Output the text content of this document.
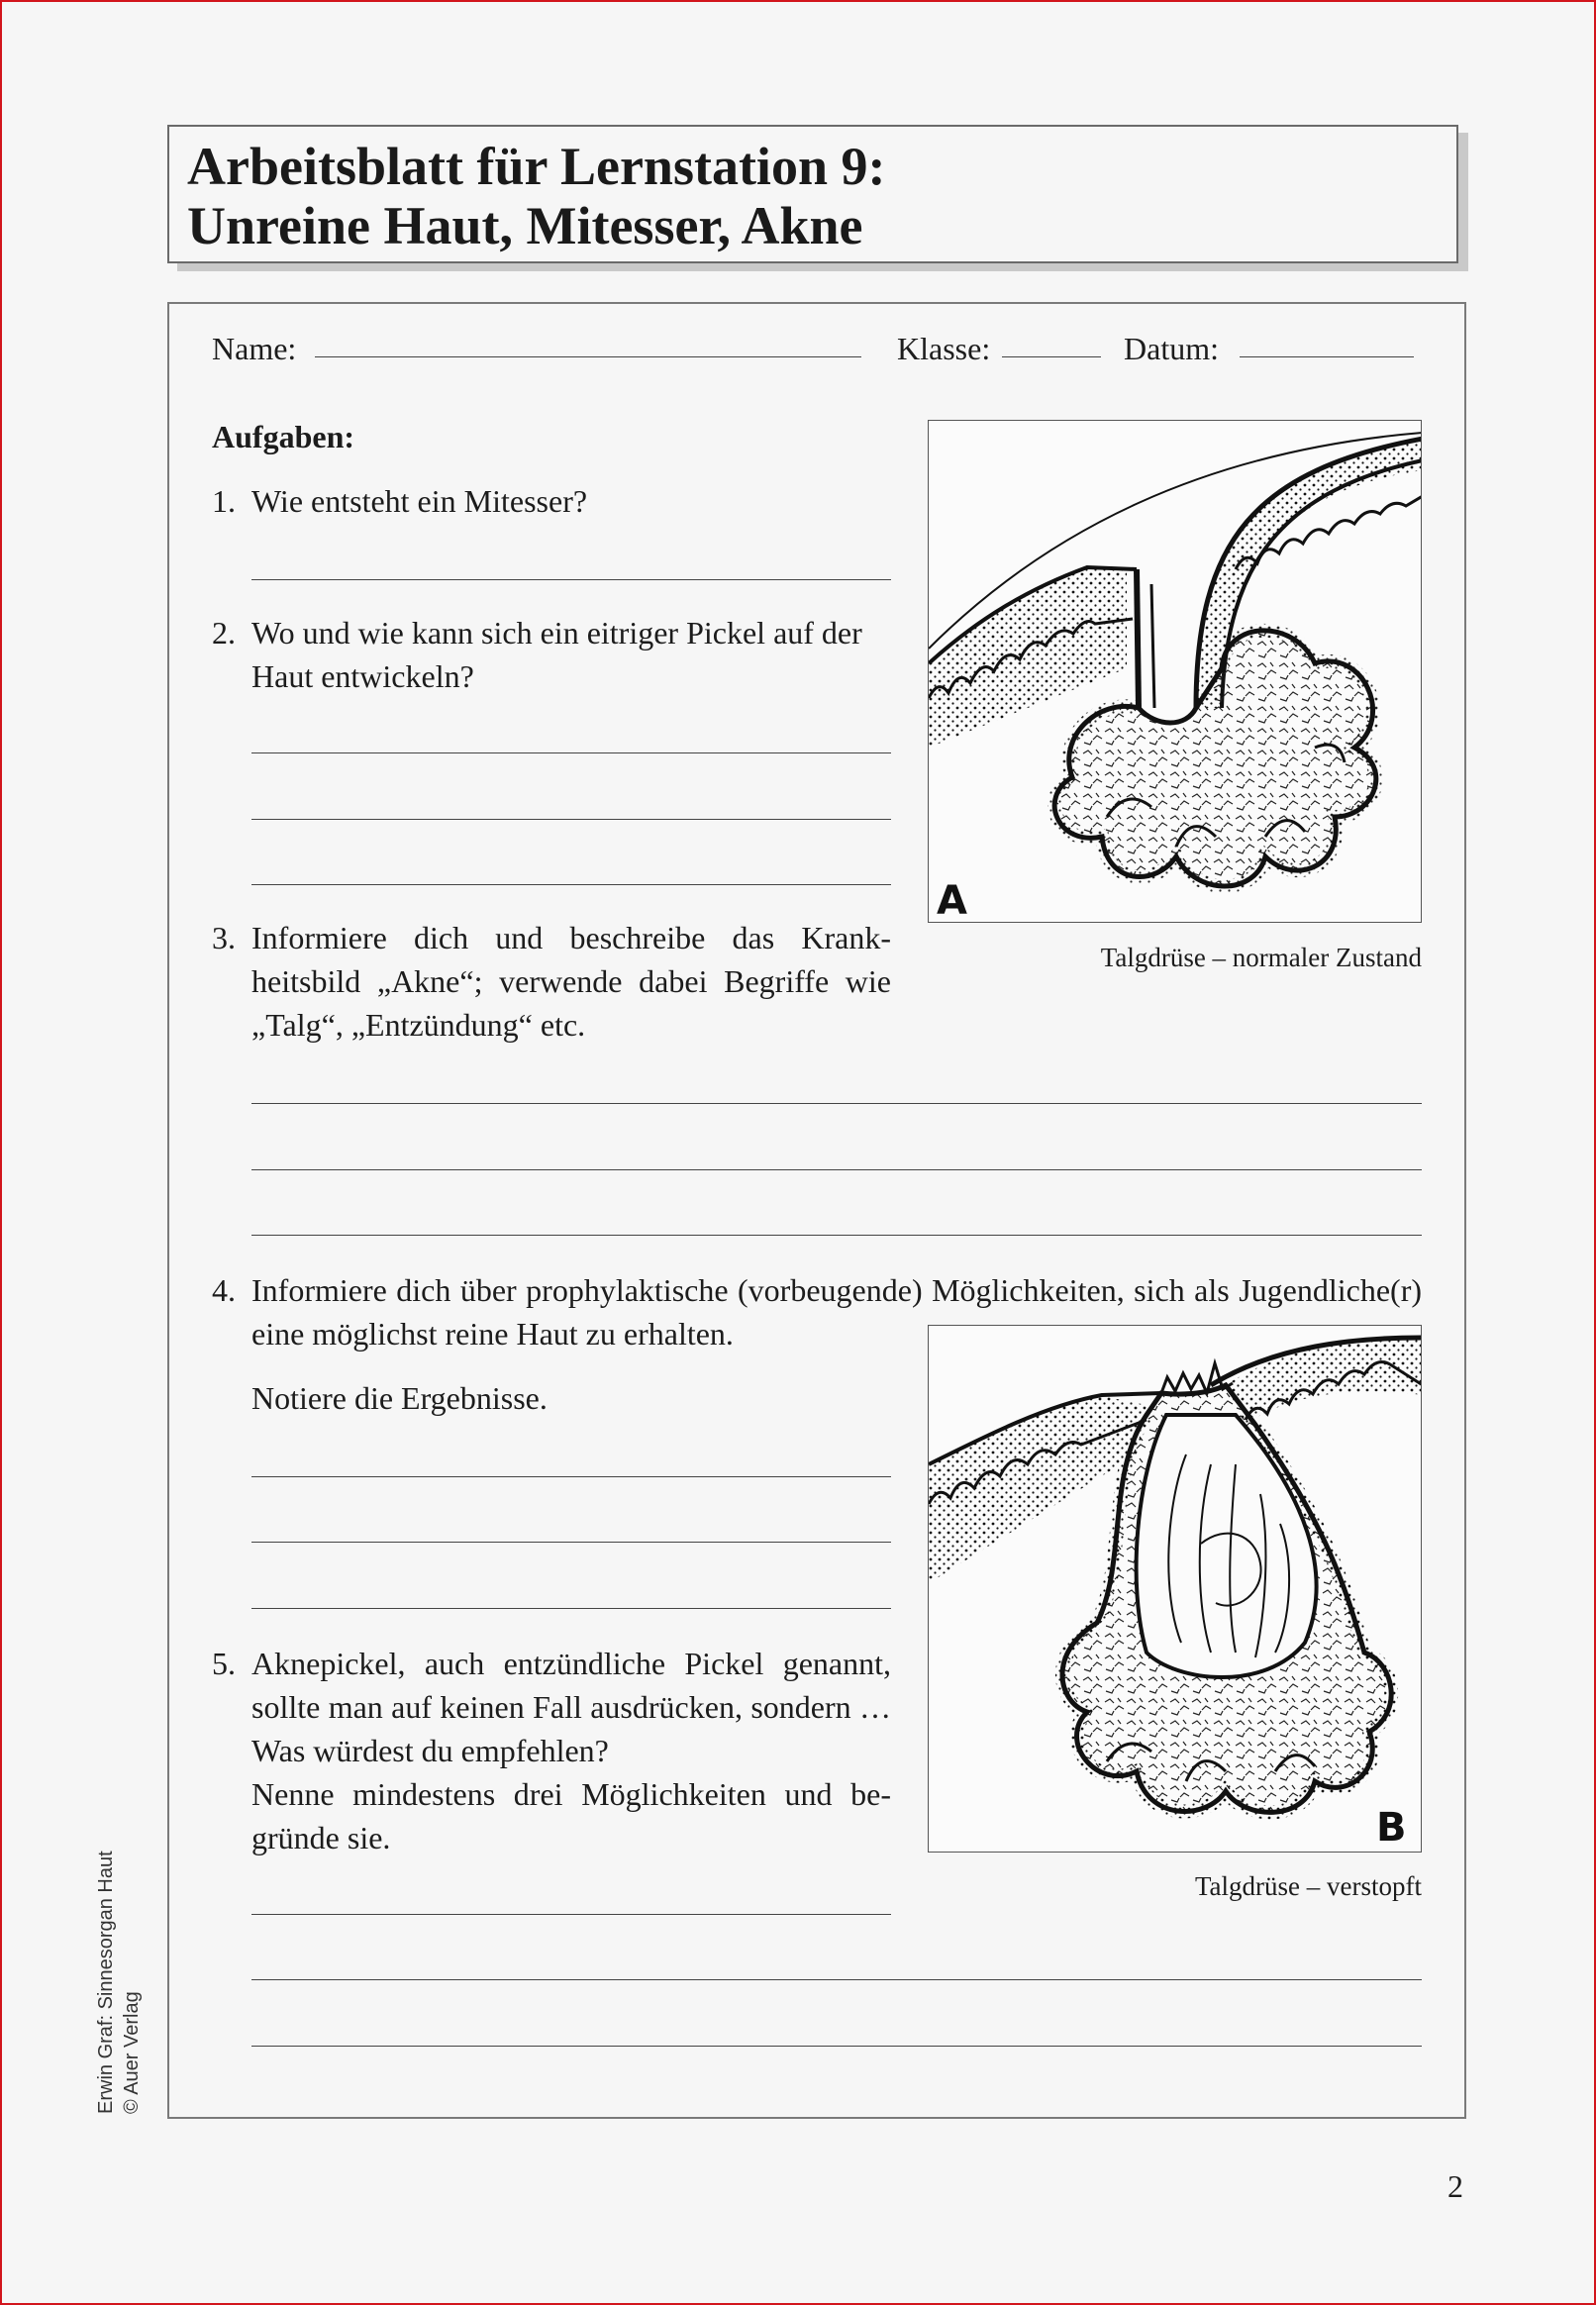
Arbeitsblatt für Lernstation 9:
Unreine Haut, Mitesser, Akne
Name:	Klasse:	Datum:
Aufgaben:
1. Wie entsteht ein Mitesser?
2. Wo und wie kann sich ein eitriger Pickel auf der Haut entwickeln?
3. Informiere dich und beschreibe das Krankheitsbild „Akne“; verwende dabei Begriffe wie „Talg“, „Entzündung“ etc.
4. Informiere dich über prophylaktische (vorbeugende) Möglichkeiten, sich als Jugendliche(r) eine möglichst reine Haut zu erhalten.
Notiere die Ergebnisse.
5. Aknepickel, auch entzündliche Pickel genannt, sollte man auf keinen Fall ausdrücken, sondern … Was würdest du empfehlen?
Nenne mindestens drei Möglichkeiten und begründe sie.
A
Talgdrüse – normaler Zustand
B
Talgdrüse – verstopft
Erwin Graf: Sinnesorgan Haut © Auer Verlag
2
